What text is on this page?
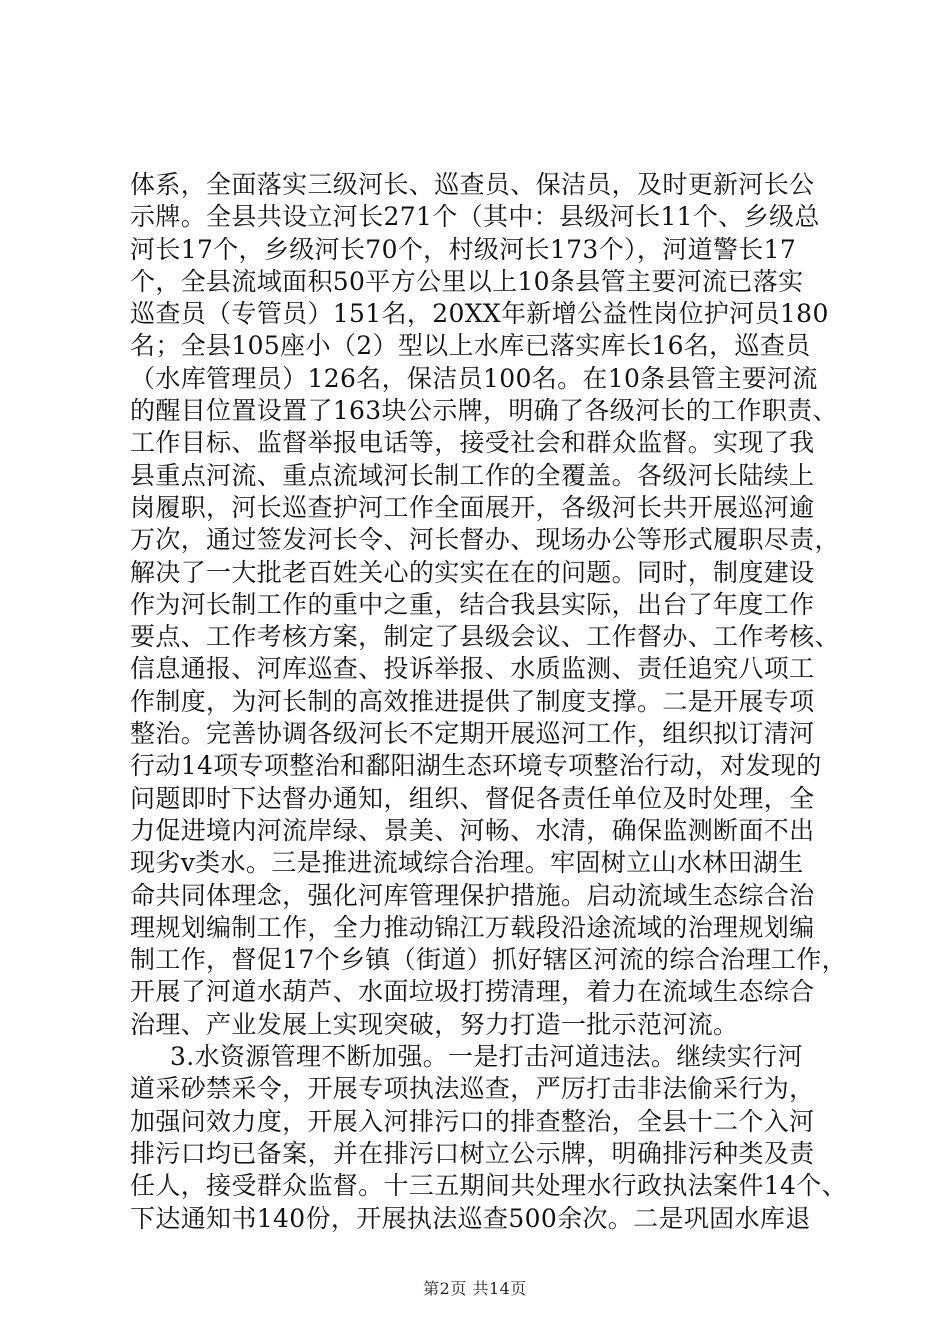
体系，全面落实三级河长、巡查员、保洁员，及时更新河长公
示牌。全县共设立河长271个（其中：县级河长11个、乡级总
河长17个，乡级河长70个，村级河长173个），河道警长17
个，全县流域面积50平方公里以上10条县管主要河流已落实
巡查员（专管员）151名，20XX年新增公益性岗位护河员180
名；全县105座小（2）型以上水库已落实库长16名，巡查员
（水库管理员）126名，保洁员100名。在10条县管主要河流
的醒目位置设置了163块公示牌，明确了各级河长的工作职责、
工作目标、监督举报电话等，接受社会和群众监督。实现了我
县重点河流、重点流域河长制工作的全覆盖。各级河长陆续上
岗履职，河长巡查护河工作全面展开，各级河长共开展巡河逾
万次，通过签发河长令、河长督办、现场办公等形式履职尽责，
解决了一大批老百姓关心的实实在在的问题。同时，制度建设
作为河长制工作的重中之重，结合我县实际，出台了年度工作
要点、工作考核方案，制定了县级会议、工作督办、工作考核、
信息通报、河库巡查、投诉举报、水质监测、责任追究八项工
作制度，为河长制的高效推进提供了制度支撑。二是开展专项
整治。完善协调各级河长不定期开展巡河工作，组织拟订清河
行动14项专项整治和鄱阳湖生态环境专项整治行动，对发现的
问题即时下达督办通知，组织、督促各责任单位及时处理，全
力促进境内河流岸绿、景美、河畅、水清，确保监测断面不出
现劣v类水。三是推进流域综合治理。牢固树立山水林田湖生
命共同体理念，强化河库管理保护措施。启动流域生态综合治
理规划编制工作，全力推动锦江万载段沿途流域的治理规划编
制工作，督促17个乡镇（街道）抓好辖区河流的综合治理工作，
开展了河道水葫芦、水面垃圾打捞清理，着力在流域生态综合
治理、产业发展上实现突破，努力打造一批示范河流。
3.水资源管理不断加强。一是打击河道违法。继续实行河
道采砂禁采令，开展专项执法巡查，严厉打击非法偷采行为，
加强问效力度，开展入河排污口的排查整治，全县十二个入河
排污口均已备案，并在排污口树立公示牌，明确排污种类及责
任人，接受群众监督。十三五期间共处理水行政执法案件14个、
下达通知书140份，开展执法巡查500余次。二是巩固水库退
第2页 共14页
